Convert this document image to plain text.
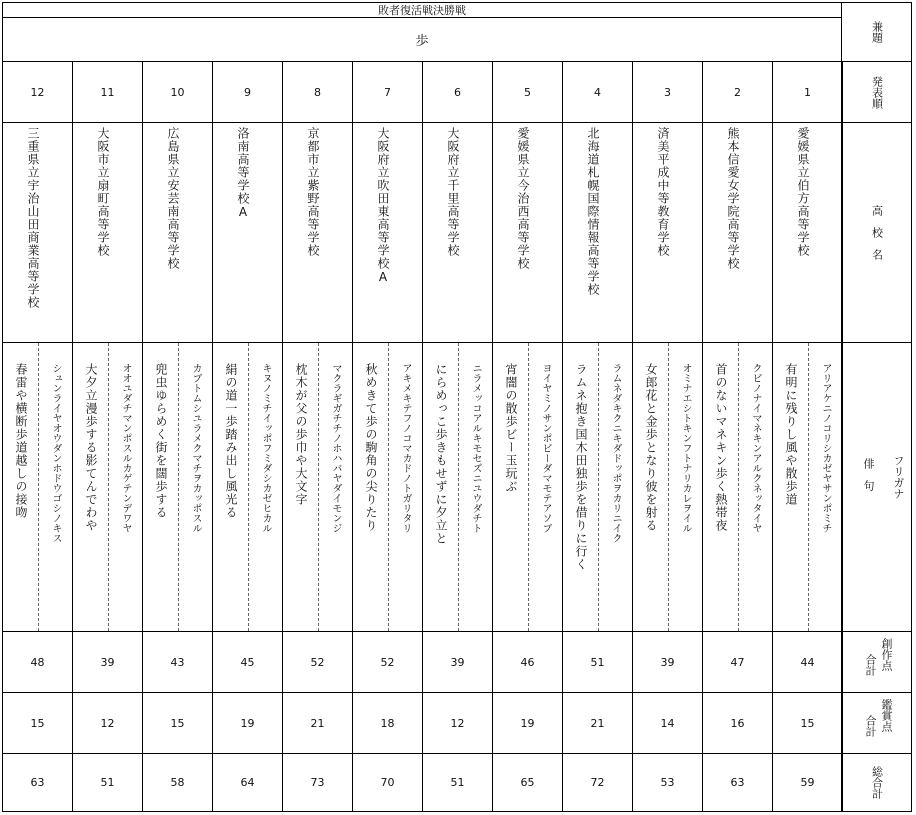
敗者復活戦決勝戦
歩	兼題
発表順
高　校　名
俳　句 フリガナ
創作点
合計
鑑賞点
合計
総合計
12
三重県立宇治山田商業高等学校
春雷や横断歩道越しの接吻 シュンライヤオウダンホドウゴシノキス
48
15
63
11
大阪市立扇町高等学校
大夕立漫歩する影てんでわや オオユダチマンポスルカゲテンデワヤ
39
12
51
10
広島県立安芸南高等学校
兜虫ゆらめく街を闊歩する カブトムシユラメクマチヲカッポスル
43
15
58
9
洛南高等学校A
絹の道一歩踏み出し風光る キヌノミチイッポフミダシカゼヒカル
45
19
64
8
京都市立紫野高等学校
枕木が父の歩巾や大文字 マクラギガチチノホハバヤダイモンジ
52
21
73
7
大阪府立吹田東高等学校A
秋めきて歩の駒角の尖りたり アキメキテフノコマカドノトガリタリ
52
18
70
6
大阪府立千里高等学校
にらめっこ歩きもせずに夕立と ニラメッコアルキモセズニユウダチト
39
12
51
5
愛媛県立今治西高等学校
宵闇の散歩ビー玉玩ぶ ヨイヤミノサンポビーダマモテアソブ
46
19
65
4
北海道札幌国際情報高等学校
ラムネ抱き国木田独歩を借りに行く ラムネダキクニキダドッポヲカリニイク
51
21
72
3
済美平成中等教育学校
女郎花と金歩となり彼を射る オミナエシトキンフトナリカレヲイル
39
14
53
2
熊本信愛女学院高等学校
首のないマネキン歩く熱帯夜 クビノナイマネキンアルクネッタイヤ
47
16
63
1
愛媛県立伯方高等学校
有明に残りし風や散歩道 アリアケニノコリシカゼヤサンポミチ
44
15
59
